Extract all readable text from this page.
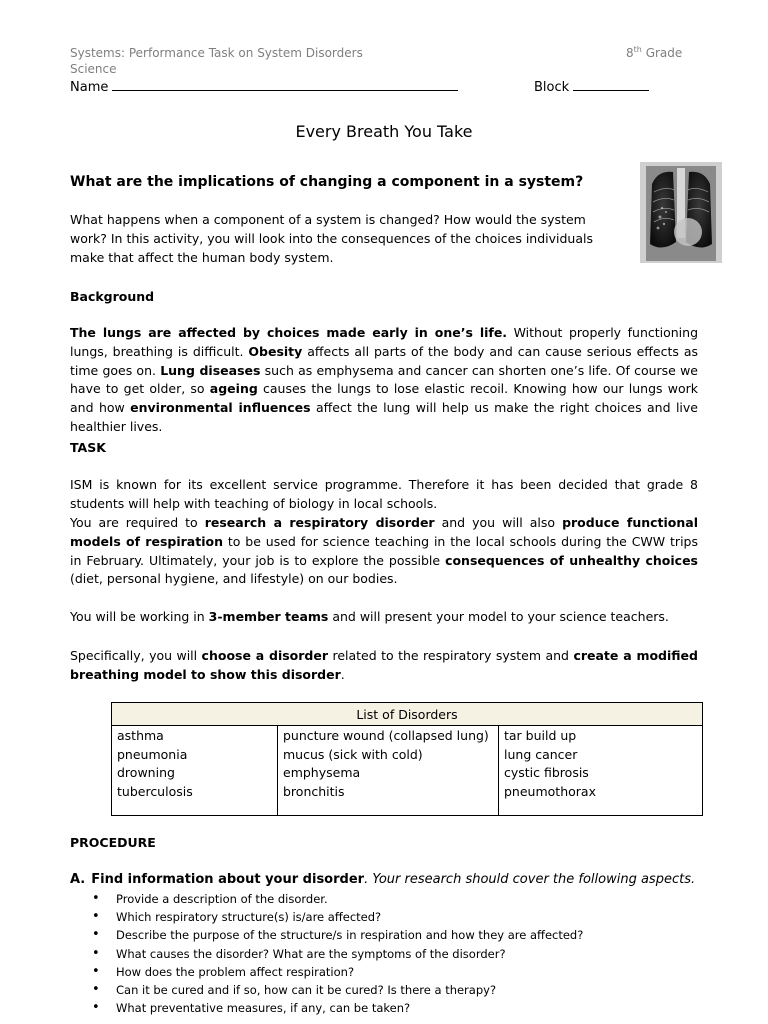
Systems: Performance Task on System Disorders Science
8th Grade
Name	Block
Every Breath You Take
What are the implications of changing a component in a system?
What happens when a component of a system is changed? How would the system work? In this activity, you will look into the consequences of the choices individuals make that affect the human body system.
Background
The lungs are affected by choices made early in one’s life. Without properly functioning lungs, breathing is difficult. Obesity affects all parts of the body and can cause serious effects as time goes on. Lung diseases such as emphysema and cancer can shorten one’s life. Of course we have to get older, so ageing causes the lungs to lose elastic recoil. Knowing how our lungs work and how environmental influences affect the lung will help us make the right choices and live healthier lives.
TASK
ISM is known for its excellent service programme. Therefore it has been decided that grade 8 students will help with teaching of biology in local schools.
You are required to research a respiratory disorder and you will also produce functional models of respiration to be used for science teaching in the local schools during the CWW trips in February. Ultimately, your job is to explore the possible consequences of unhealthy choices (diet, personal hygiene, and lifestyle) on our bodies.
You will be working in 3-member teams and will present your model to your science teachers.
Specifically, you will choose a disorder related to the respiratory system and create a modified breathing model to show this disorder.
List of Disorders

asthma
pneumonia
drowning
tuberculosis

puncture wound (collapsed lung)
mucus (sick with cold)
emphysema
bronchitis

tar build up
lung cancer
cystic fibrosis
pneumothorax
PROCEDURE
A. Find information about your disorder. Your research should cover the following aspects.
• Provide a description of the disorder.
• Which respiratory structure(s) is/are affected?
• Describe the purpose of the structure/s in respiration and how they are affected?
• What causes the disorder? What are the symptoms of the disorder?
• How does the problem affect respiration?
• Can it be cured and if so, how can it be cured? Is there a therapy?
• What preventative measures, if any, can be taken?
